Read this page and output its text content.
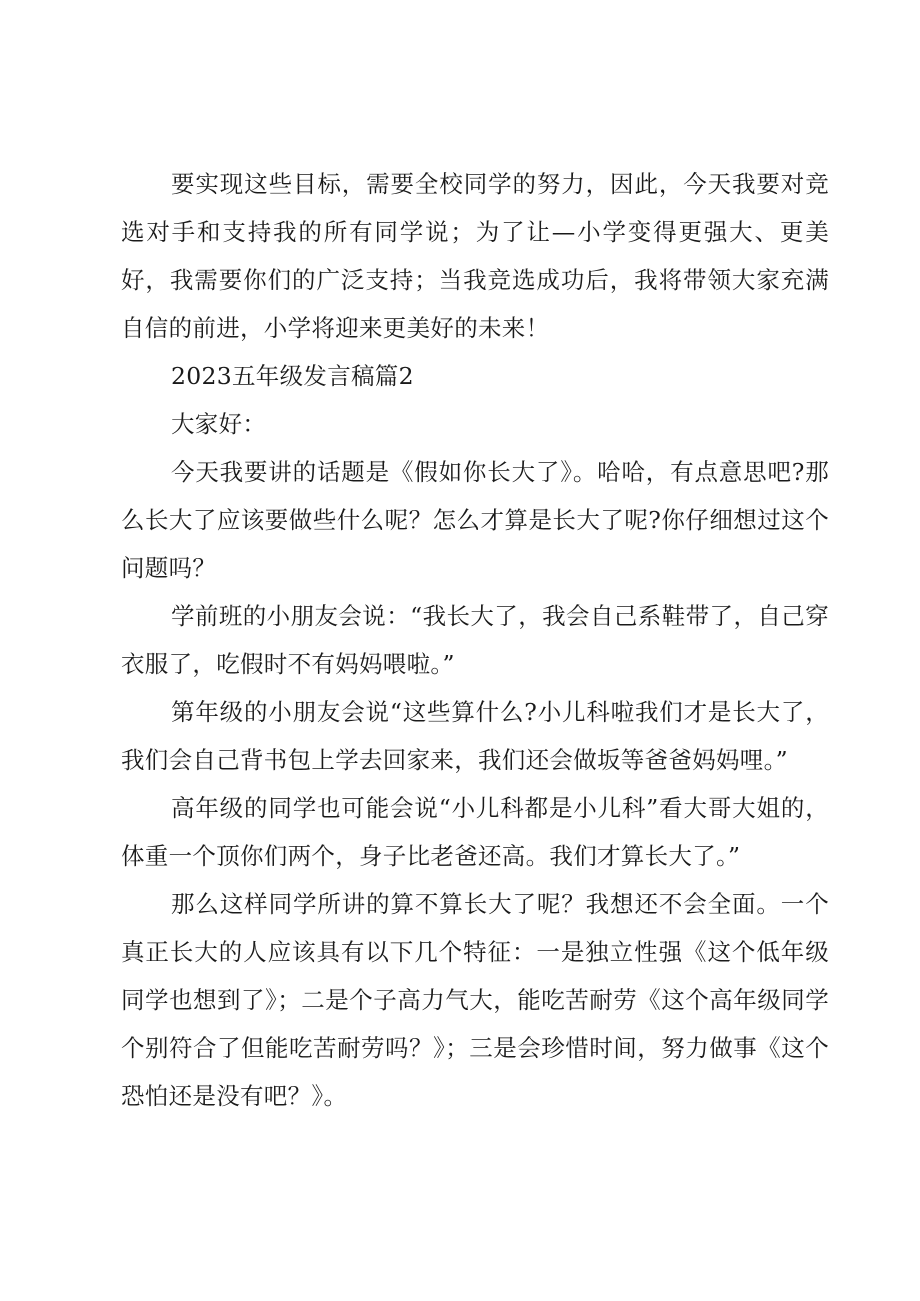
要实现这些目标，需要全校同学的努力，因此，今天我要对竞选对手和支持我的所有同学说；为了让—小学变得更强大、更美好，我需要你们的广泛支持；当我竞选成功后，我将带领大家充满自信的前进，小学将迎来更美好的未来！

2023五年级发言稿篇2

大家好：

今天我要讲的话题是《假如你长大了》。哈哈，有点意思吧?那么长大了应该要做些什么呢？怎么才算是长大了呢?你仔细想过这个问题吗？

学前班的小朋友会说：“我长大了，我会自己系鞋带了，自己穿衣服了，吃假时不有妈妈喂啦。”

第年级的小朋友会说“这些算什么?小儿科啦我们才是长大了，我们会自己背书包上学去回家来，我们还会做坂等爸爸妈妈哩。”

高年级的同学也可能会说“小儿科都是小儿科”看大哥大姐的，体重一个顶你们两个，身子比老爸还高。我们才算长大了。”

那么这样同学所讲的算不算长大了呢？我想还不会全面。一个真正长大的人应该具有以下几个特征：一是独立性强《这个低年级同学也想到了》；二是个子高力气大，能吃苦耐劳《这个高年级同学个别符合了但能吃苦耐劳吗？》；三是会珍惜时间，努力做事《这个恐怕还是没有吧？》。
